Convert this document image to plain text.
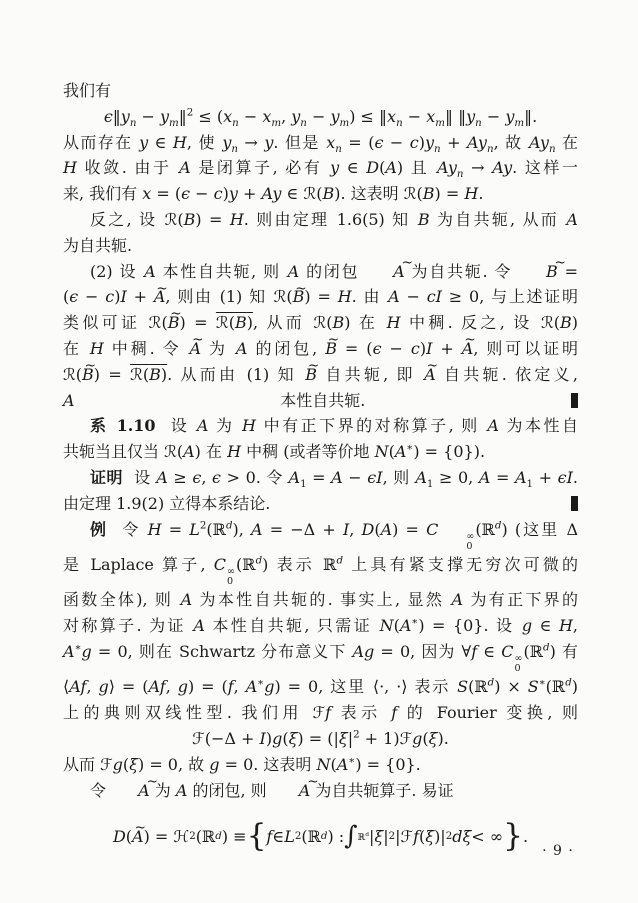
我们有
$\epsilon‖y_n$ − $y_m‖^2 \le (x_n - x_m$, $y_n - y_m$) ≤ $‖x_n$ − $x_m‖$ $‖y_n$ − $y_m‖$.
从而存在 y ∈ H, 使 $y_n \to y$. 但是 $x_n = (\epsilon - c)y_n + Ay_n$, 故 $Ay_n$ 在
H 收敛. 由于 A 是闭算子, 必有 y ∈ D(A) 且 $Ay_n \to Ay$. 这样一
来, 我们有 x = (ϵ − c)y + Ay ∈ ℛ(B). 这表明 ℛ(B) = H.
反之, 设 ℛ(B) = H. 则由定理 1.6(5) 知 B 为自共轭, 从而 A
为自共轭.
(2) 设 A 本性自共轭, 则 A 的闭包 A ~ 为自共轭. 令 B ~ =
(ϵ − c)I + A ~, 则由 (1) 知 ℛ(B ~) = H. 由 A − cI ≥ 0, 与上述证明
类似可证 ℛ(B ~) = ℛ(B), 从而 ℛ(B) 在 H 中稠. 反之, 设 ℛ(B)
在 H 中稠. 令 A ~ 为 A 的闭包, B ~ = (ϵ − c)I + A ~, 则可以证明
ℛ(B ~) = ℛ(B). 从而由 (1) 知 B ~ 自共轭, 即 A ~ 自共轭. 依定义,
A	本性自共轭.
系 1.10  设 A 为 H 中有正下界的对称算子, 则 A 为本性自
共轭当且仅当 ℛ(A) 在 H 中稠 (或者等价地 N(A∗) = {0}).
证明  设 A ≥ ϵ, ϵ > 0. 令 $A_1 = A - \epsilon I$, 则 $A_1 \ge 0$, $A = A_1 + \epsilon I$.
由定理 1.9(2) 立得本系结论.
例  令 $H = L^2(ℝ^d)$, A = −Δ + I, D(A) = C	∞
0
(ℝ$^d$) (这里 Δ
是 Laplace 算子, C ∞
0
(ℝ$^d$) 表示 ℝ$^d$ 上具有紧支撑无穷次可微的
函数全体), 则 A 为本性自共轭的. 事实上, 显然 A 为有正下界的
对称算子. 为证 A 本性自共轭, 只需证 N(A∗) = {0}. 设 g ∈ H,
A∗g = 0, 则在 Schwartz 分布意义下 Ag = 0, 因为 ∀f ∈ C ∞
0
(ℝ$^d$) 有
⟨Af, g⟩ = (Af, g) = (f, A∗g) = 0, 这里 ⟨·, ·⟩ 表示 S(ℝ$^d$) × S∗(ℝ$^d$)
上的典则双线性型. 我们用 ℱf 表示 f 的 Fourier 变换, 则
ℱ(−Δ + $I)g(\xi) = (|\xi|^2$ + 1)ℱg(ξ).
从而 ℱg(ξ) = 0, 故 g = 0. 这表明 N(A∗) = {0}.
令 A ~ 为 A 的闭包, 则 A ~ 为自共轭算子. 易证
D ( A ~ ) = ℋ 2 (ℝ d ) ≡ { f ∈ L 2 (ℝ d ) : ∫ ℝ$^d$ | ξ | 2 |ℱ f ( ξ )| 2 dξ < ∞ } .
· 9 ·
